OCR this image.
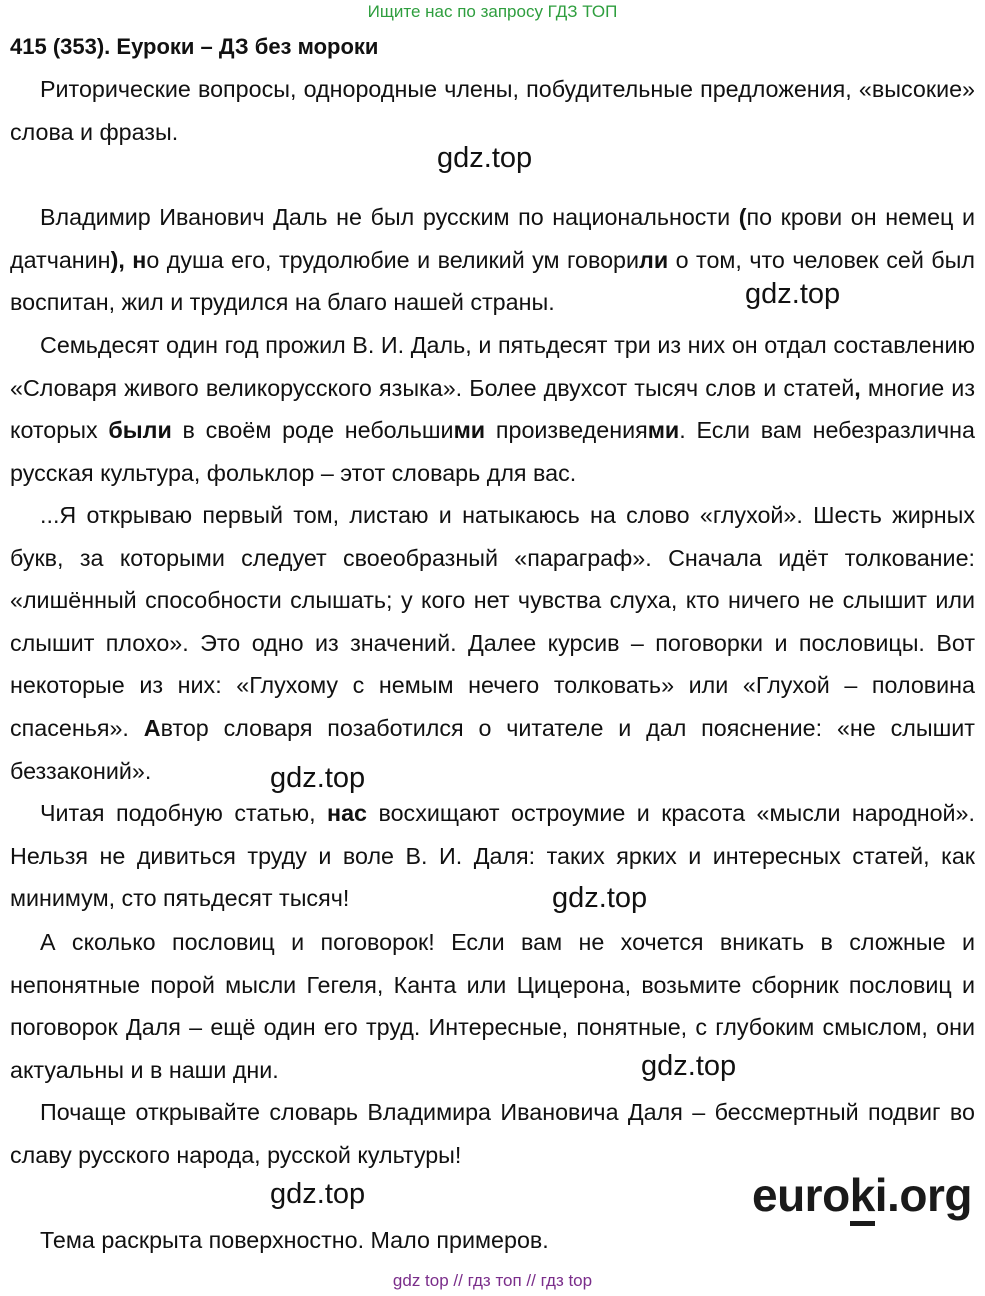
Ищите нас по запросу ГДЗ ТОП
415 (353). Еуроки – ДЗ без мороки

Риторические вопросы, однородные члены, побудительные предложения, «высокие» слова и фразы.

Владимир Иванович Даль не был русским по национальности (по крови он немец и датчанин), но душа его, трудолюбие и великий ум говорили о том, что человек сей был воспитан, жил и трудился на благо нашей страны.

Семьдесят один год прожил В. И. Даль, и пятьдесят три из них он отдал составлению «Словаря живого великорусского языка». Более двухсот тысяч слов и статей, многие из которых были в своём роде небольшими произведениями. Если вам небезразлична русская культура, фольклор – этот словарь для вас.

...Я открываю первый том, листаю и натыкаюсь на слово «глухой». Шесть жирных букв, за которыми следует своеобразный «параграф». Сначала идёт толкование: «лишённый способности слышать; у кого нет чувства слуха, кто ничего не слышит или слышит плохо». Это одно из значений. Далее курсив – поговорки и пословицы. Вот некоторые из них: «Глухому с немым нечего толковать» или «Глухой – половина спасенья». Автор словаря позаботился о читателе и дал пояснение: «не слышит беззаконий».

Читая подобную статью, нас восхищают остроумие и красота «мысли народной». Нельзя не дивиться труду и воле В. И. Даля: таких ярких и интересных статей, как минимум, сто пятьдесят тысяч!

А сколько пословиц и поговорок! Если вам не хочется вникать в сложные и непонятные порой мысли Гегеля, Канта или Цицерона, возьмите сборник пословиц и поговорок Даля – ещё один его труд. Интересные, понятные, с глубоким смыслом, они актуальны и в наши дни.

Почаще открывайте словарь Владимира Ивановича Даля – бессмертный подвиг во славу русского народа, русской культуры!

Тема раскрыта поверхностно. Мало примеров.

gdz.top
gdz.top
gdz.top
gdz.top
gdz.top
gdz.top	euroki.org
gdz top // гдз топ // гдз top
